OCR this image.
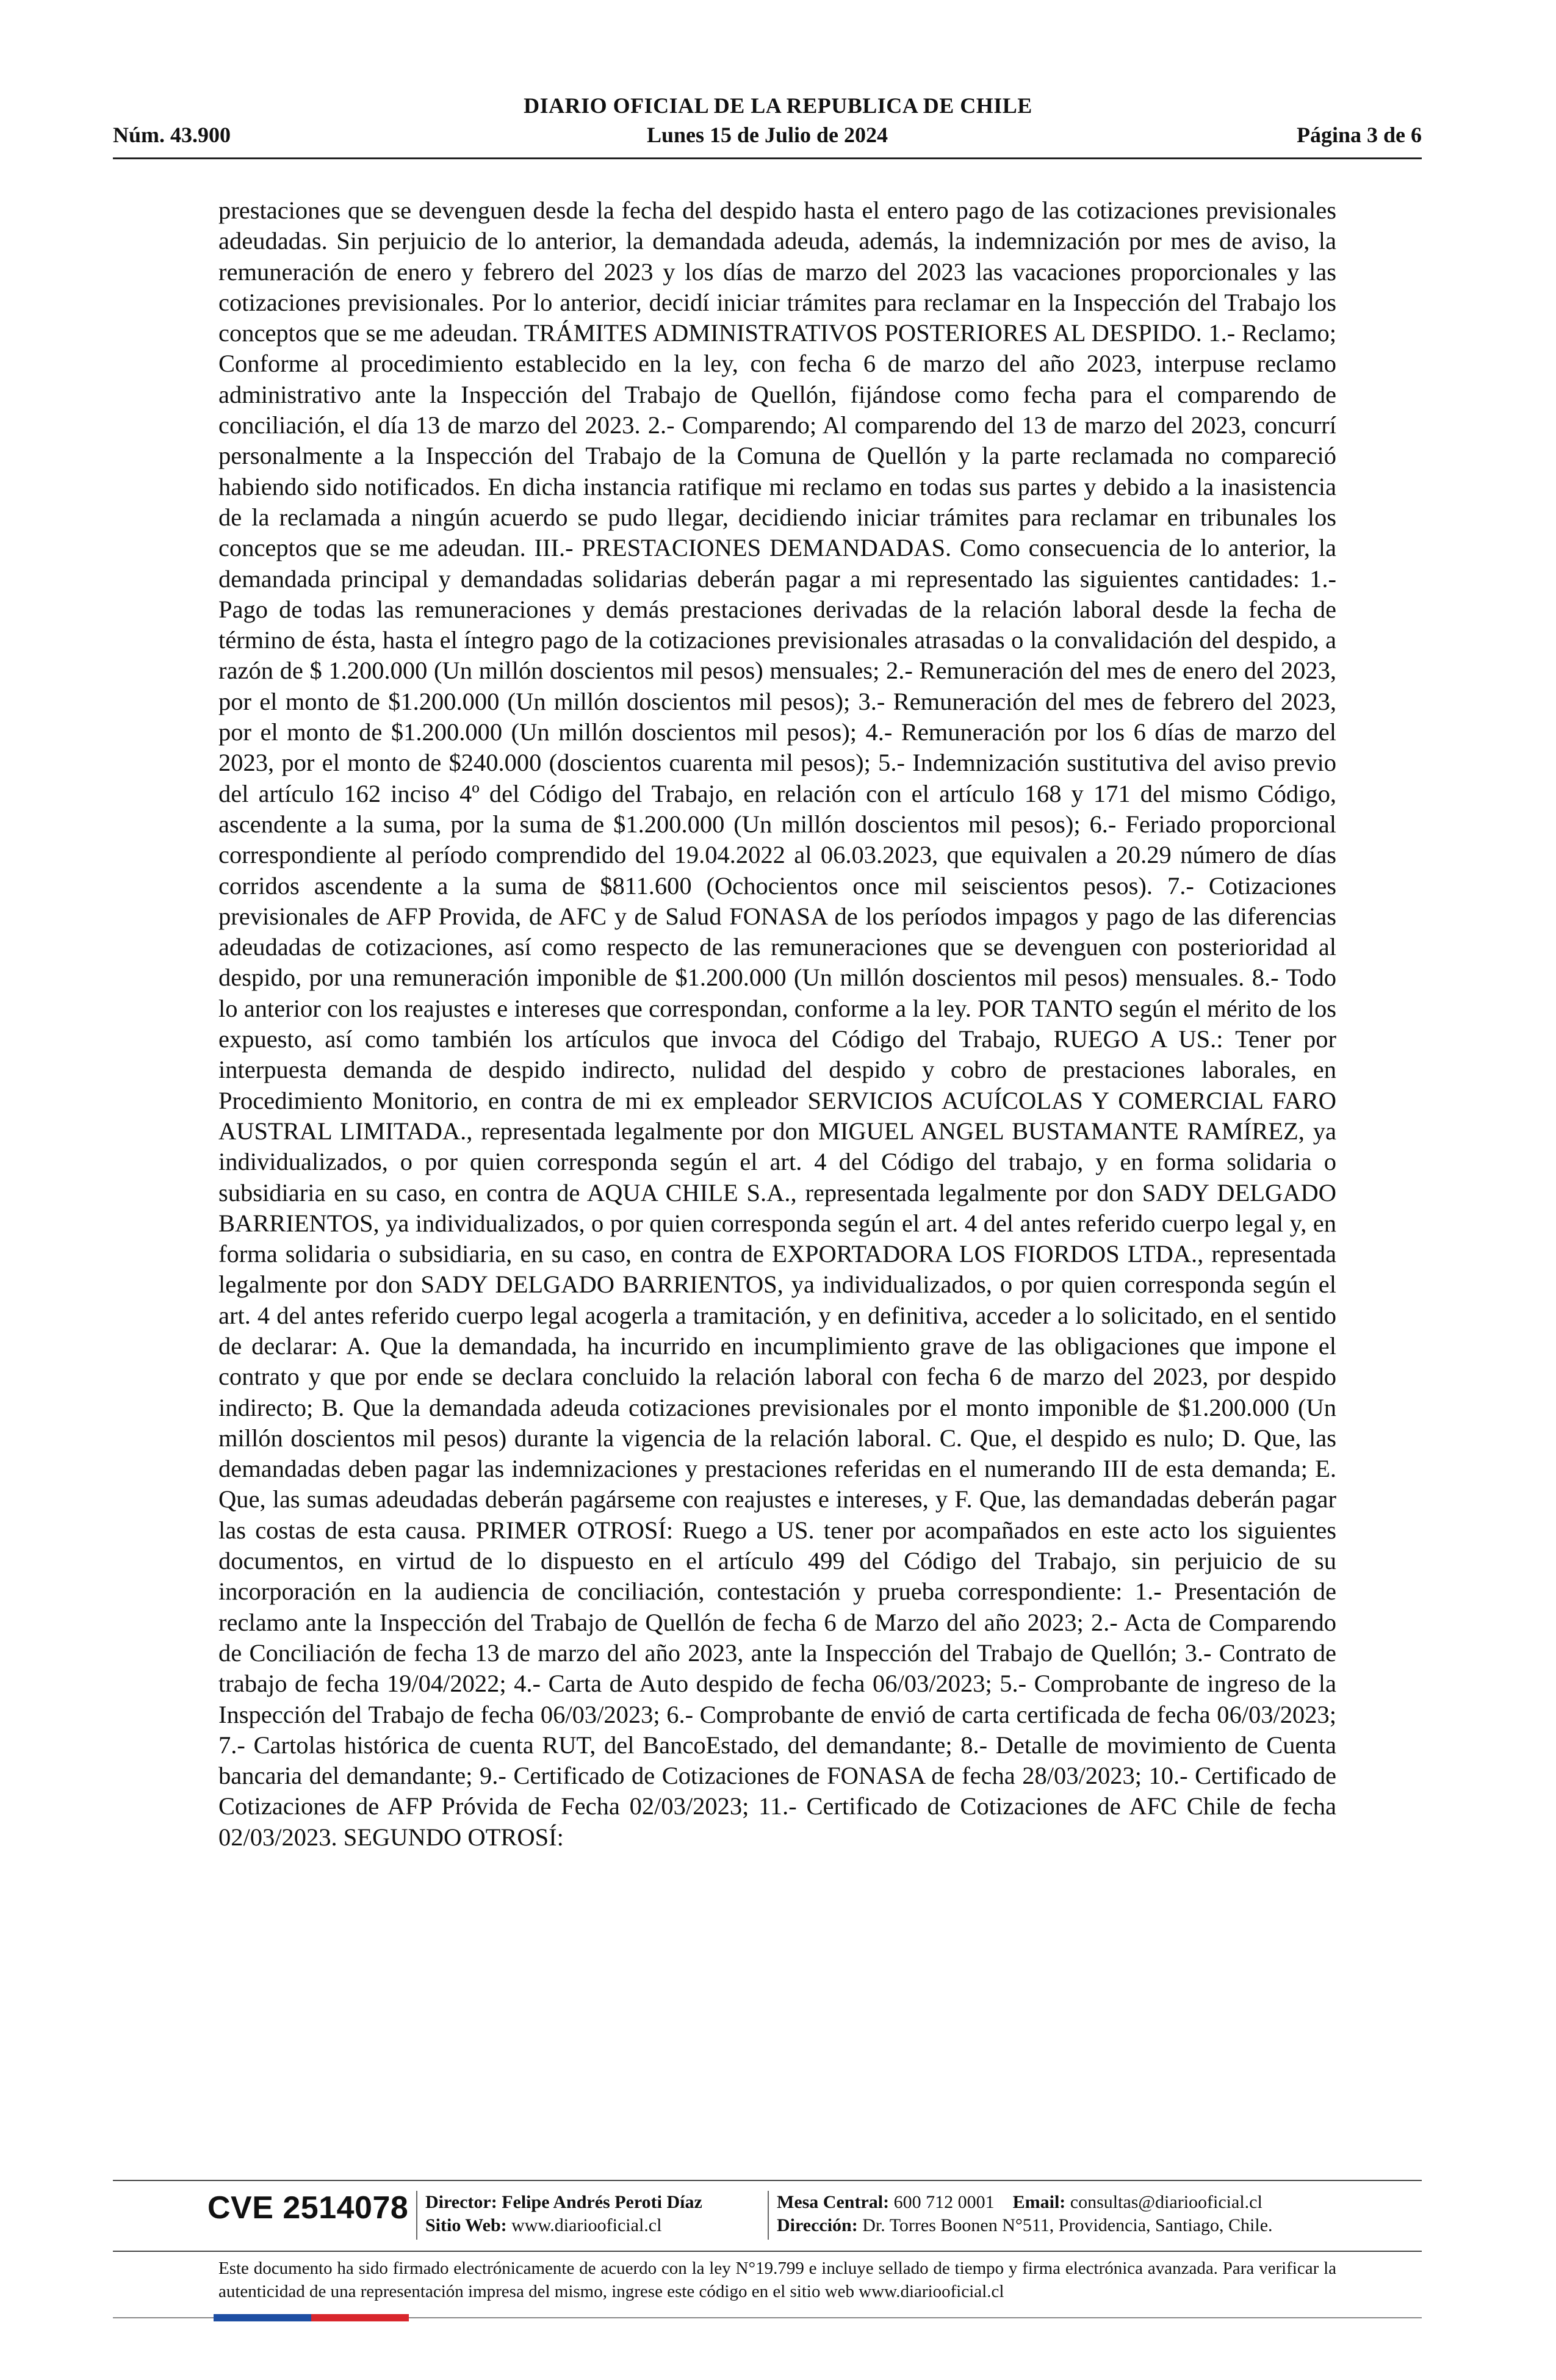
DIARIO OFICIAL DE LA REPUBLICA DE CHILE
Núm. 43.900	Lunes 15 de Julio de 2024	Página 3 de 6

prestaciones que se devenguen desde la fecha del despido hasta el entero pago de las cotizaciones previsionales adeudadas. Sin perjuicio de lo anterior, la demandada adeuda, además, la indemnización por mes de aviso, la remuneración de enero y febrero del 2023 y los días de marzo del 2023 las vacaciones proporcionales y las cotizaciones previsionales. Por lo anterior, decidí iniciar trámites para reclamar en la Inspección del Trabajo los conceptos que se me adeudan. TRÁMITES ADMINISTRATIVOS POSTERIORES AL DESPIDO. 1.- Reclamo; Conforme al procedimiento establecido en la ley, con fecha 6 de marzo del año 2023, interpuse reclamo administrativo ante la Inspección del Trabajo de Quellón, fijándose como fecha para el comparendo de conciliación, el día 13 de marzo del 2023. 2.- Comparendo; Al comparendo del 13 de marzo del 2023, concurrí personalmente a la Inspección del Trabajo de la Comuna de Quellón y la parte reclamada no compareció habiendo sido notificados. En dicha instancia ratifique mi reclamo en todas sus partes y debido a la inasistencia de la reclamada a ningún acuerdo se pudo llegar, decidiendo iniciar trámites para reclamar en tribunales los conceptos que se me adeudan. III.- PRESTACIONES DEMANDADAS. Como consecuencia de lo anterior, la demandada principal y demandadas solidarias deberán pagar a mi representado las siguientes cantidades: 1.- Pago de todas las remuneraciones y demás prestaciones derivadas de la relación laboral desde la fecha de término de ésta, hasta el íntegro pago de la cotizaciones previsionales atrasadas o la convalidación del despido, a razón de $ 1.200.000 (Un millón doscientos mil pesos) mensuales; 2.- Remuneración del mes de enero del 2023, por el monto de $1.200.000 (Un millón doscientos mil pesos); 3.- Remuneración del mes de febrero del 2023, por el monto de $1.200.000 (Un millón doscientos mil pesos); 4.- Remuneración por los 6 días de marzo del 2023, por el monto de $240.000 (doscientos cuarenta mil pesos); 5.- Indemnización sustitutiva del aviso previo del artículo 162 inciso 4º del Código del Trabajo, en relación con el artículo 168 y 171 del mismo Código, ascendente a la suma, por la suma de $1.200.000 (Un millón doscientos mil pesos); 6.- Feriado proporcional correspondiente al período comprendido del 19.04.2022 al 06.03.2023, que equivalen a 20.29 número de días corridos ascendente a la suma de $811.600 (Ochocientos once mil seiscientos pesos). 7.- Cotizaciones previsionales de AFP Provida, de AFC y de Salud FONASA de los períodos impagos y pago de las diferencias adeudadas de cotizaciones, así como respecto de las remuneraciones que se devenguen con posterioridad al despido, por una remuneración imponible de $1.200.000 (Un millón doscientos mil pesos) mensuales. 8.- Todo lo anterior con los reajustes e intereses que correspondan, conforme a la ley. POR TANTO según el mérito de los expuesto, así como también los artículos que invoca del Código del Trabajo, RUEGO A US.: Tener por interpuesta demanda de despido indirecto, nulidad del despido y cobro de prestaciones laborales, en Procedimiento Monitorio, en contra de mi ex empleador SERVICIOS ACUÍCOLAS Y COMERCIAL FARO AUSTRAL LIMITADA., representada legalmente por don MIGUEL ANGEL BUSTAMANTE RAMÍREZ, ya individualizados, o por quien corresponda según el art. 4 del Código del trabajo, y en forma solidaria o subsidiaria en su caso, en contra de AQUA CHILE S.A., representada legalmente por don SADY DELGADO BARRIENTOS, ya individualizados, o por quien corresponda según el art. 4 del antes referido cuerpo legal y, en forma solidaria o subsidiaria, en su caso, en contra de EXPORTADORA LOS FIORDOS LTDA., representada legalmente por don SADY DELGADO BARRIENTOS, ya individualizados, o por quien corresponda según el art. 4 del antes referido cuerpo legal acogerla a tramitación, y en definitiva, acceder a lo solicitado, en el sentido de declarar: A. Que la demandada, ha incurrido en incumplimiento grave de las obligaciones que impone el contrato y que por ende se declara concluido la relación laboral con fecha 6 de marzo del 2023, por despido indirecto; B. Que la demandada adeuda cotizaciones previsionales por el monto imponible de $1.200.000 (Un millón doscientos mil pesos) durante la vigencia de la relación laboral. C. Que, el despido es nulo; D. Que, las demandadas deben pagar las indemnizaciones y prestaciones referidas en el numerando III de esta demanda; E. Que, las sumas adeudadas deberán pagárseme con reajustes e intereses, y F. Que, las demandadas deberán pagar las costas de esta causa. PRIMER OTROSÍ: Ruego a US. tener por acompañados en este acto los siguientes documentos, en virtud de lo dispuesto en el artículo 499 del Código del Trabajo, sin perjuicio de su incorporación en la audiencia de conciliación, contestación y prueba correspondiente: 1.- Presentación de reclamo ante la Inspección del Trabajo de Quellón de fecha 6 de Marzo del año 2023; 2.- Acta de Comparendo de Conciliación de fecha 13 de marzo del año 2023, ante la Inspección del Trabajo de Quellón; 3.- Contrato de trabajo de fecha 19/04/2022; 4.- Carta de Auto despido de fecha 06/03/2023; 5.- Comprobante de ingreso de la Inspección del Trabajo de fecha 06/03/2023; 6.- Comprobante de envió de carta certificada de fecha 06/03/2023; 7.- Cartolas histórica de cuenta RUT, del BancoEstado, del demandante; 8.- Detalle de movimiento de Cuenta bancaria del demandante; 9.- Certificado de Cotizaciones de FONASA de fecha 28/03/2023; 10.- Certificado de Cotizaciones de AFP Próvida de Fecha 02/03/2023; 11.- Certificado de Cotizaciones de AFC Chile de fecha 02/03/2023. SEGUNDO OTROSÍ:

CVE 2514078 Director: Felipe Andrés Peroti Díaz
Sitio Web: www.diariooficial.cl
Mesa Central: 600 712 0001 Email: consultas@diariooficial.cl
Dirección: Dr. Torres Boonen N°511, Providencia, Santiago, Chile.
Este documento ha sido firmado electrónicamente de acuerdo con la ley N°19.799 e incluye sellado de tiempo y firma electrónica avanzada. Para verificar la autenticidad de una representación impresa del mismo, ingrese este código en el sitio web www.diariooficial.cl
